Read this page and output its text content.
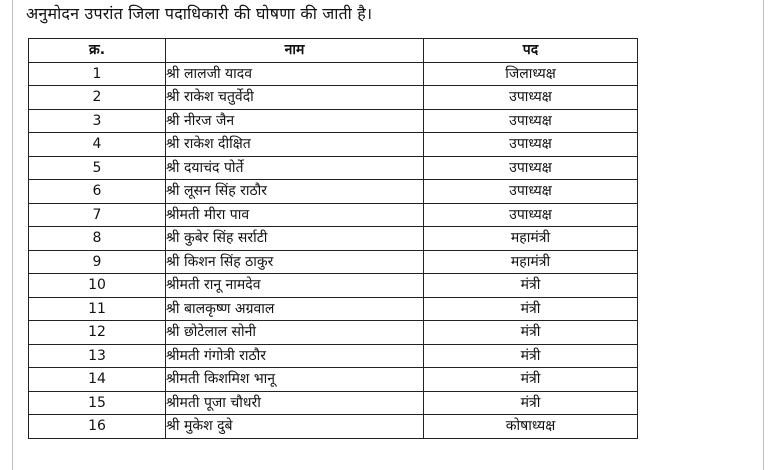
अनुमोदन उपरांत जिला पदाधिकारी की घोषणा की जाती है।
क्र.	नाम	पद
1	श्री लालजी यादव	जिलाध्यक्ष
2	श्री राकेश चतुर्वेदी	उपाध्यक्ष
3	श्री नीरज जैन	उपाध्यक्ष
4	श्री राकेश दीक्षित	उपाध्यक्ष
5	श्री दयाचंद पोर्ते	उपाध्यक्ष
6	श्री लूसन सिंह राठौर	उपाध्यक्ष
7	श्रीमती मीरा पाव	उपाध्यक्ष
8	श्री कुबेर सिंह सर्राटी	महामंत्री
9	श्री किशन सिंह ठाकुर	महामंत्री
10	श्रीमती रानू नामदेव	मंत्री
11	श्री बालकृष्ण अग्रवाल	मंत्री
12	श्री छोटेलाल सोनी	मंत्री
13	श्रीमती गंगोत्री राठौर	मंत्री
14	श्रीमती किशमिश भानू	मंत्री
15	श्रीमती पूजा चौधरी	मंत्री
16	श्री मुकेश दुबे	कोषाध्यक्ष
